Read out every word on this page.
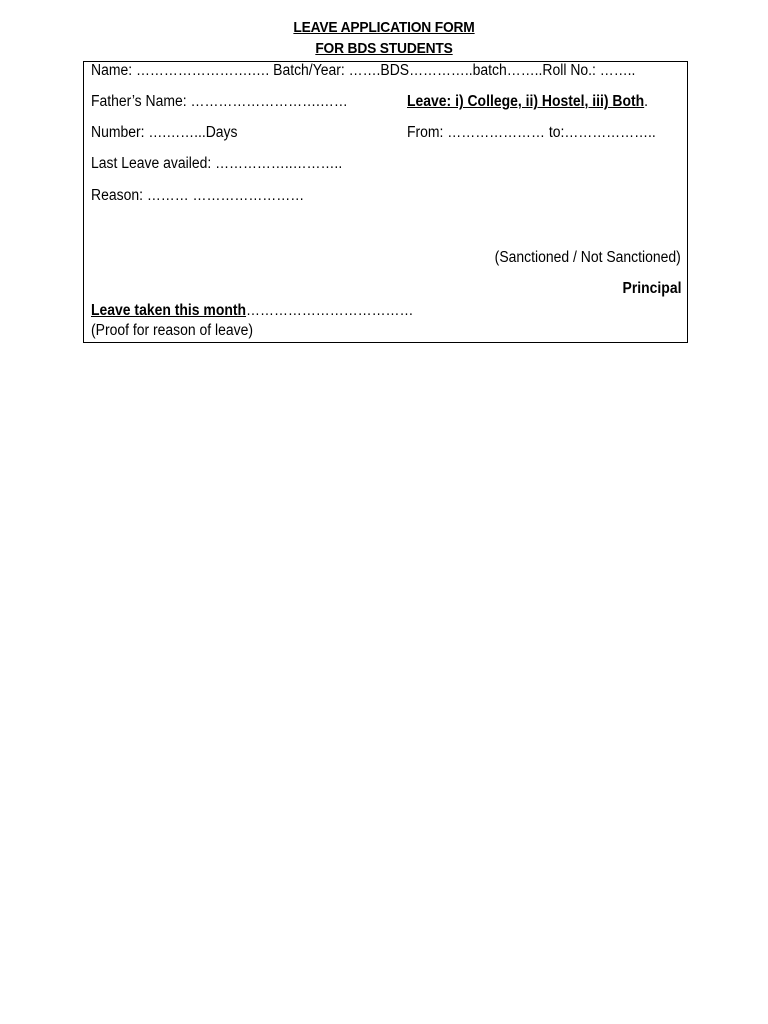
LEAVE APPLICATION FORM
FOR BDS STUDENTS
Name: …………………….…. Batch/Year: …….BDS…………..batch……..Roll No.: ……..
Father’s Name: ……………………….……	Leave: i) College, ii) Hostel, iii) Both.
Number: ….……...Days	From: ………………… to:………………..
Last Leave availed: ……………..………..
Reason: ……… ……………………
(Sanctioned / Not Sanctioned)
Principal
Leave taken this month………………………………
(Proof for reason of leave)
